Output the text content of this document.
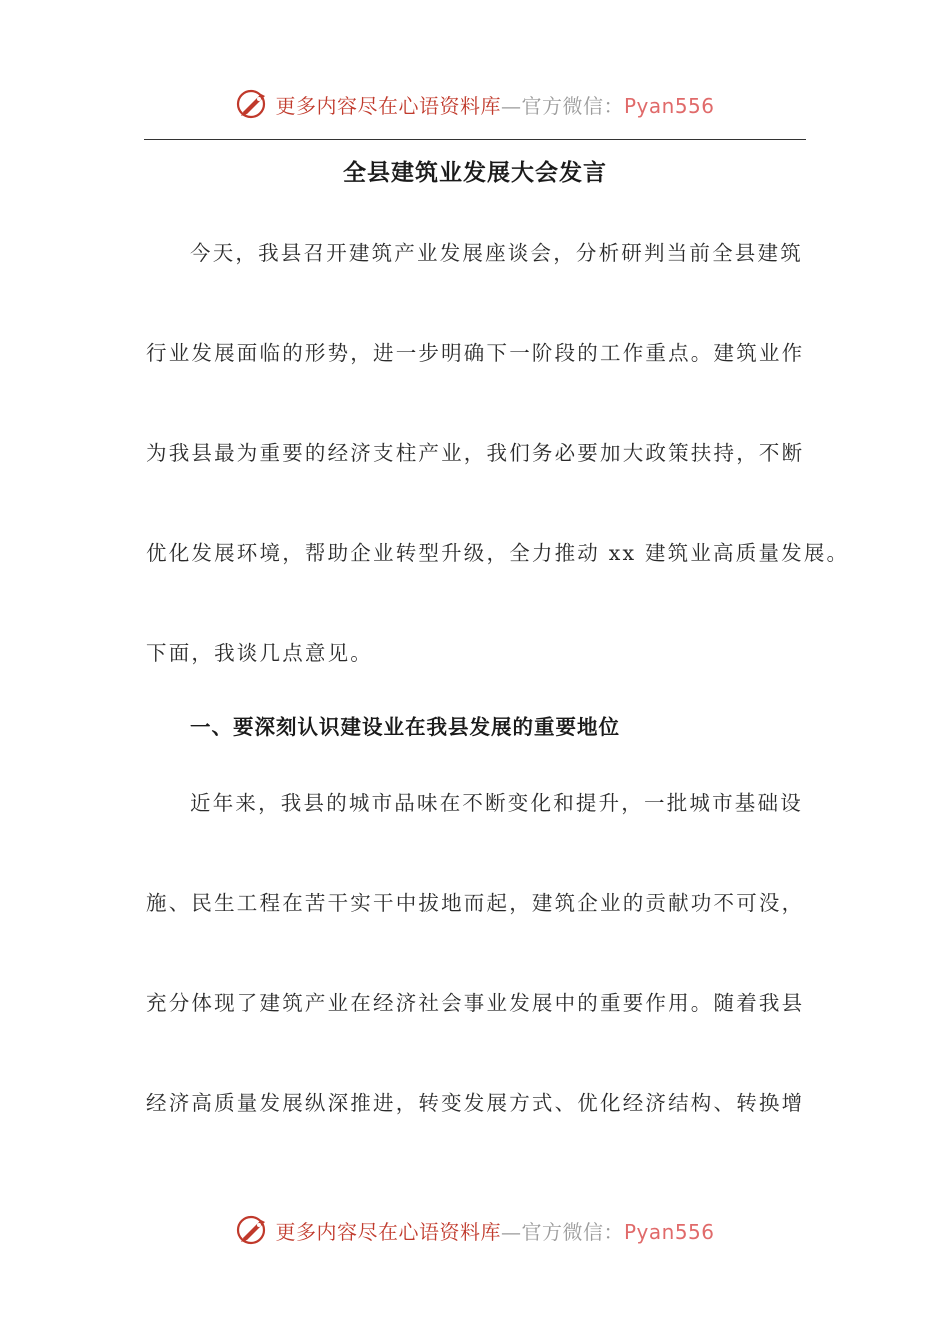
更多内容尽在心语资料库—官方微信：Pyan556
全县建筑业发展大会发言

今天，我县召开建筑产业发展座谈会，分析研判当前全县建筑

行业发展面临的形势，进一步明确下一阶段的工作重点。建筑业作

为我县最为重要的经济支柱产业，我们务必要加大政策扶持，不断

优化发展环境，帮助企业转型升级，全力推动 xx 建筑业高质量发展。

下面，我谈几点意见。

一、要深刻认识建设业在我县发展的重要地位

近年来，我县的城市品味在不断变化和提升，一批城市基础设

施、民生工程在苦干实干中拔地而起，建筑企业的贡献功不可没，

充分体现了建筑产业在经济社会事业发展中的重要作用。随着我县

经济高质量发展纵深推进，转变发展方式、优化经济结构、转换增

更多内容尽在心语资料库—官方微信：Pyan556
